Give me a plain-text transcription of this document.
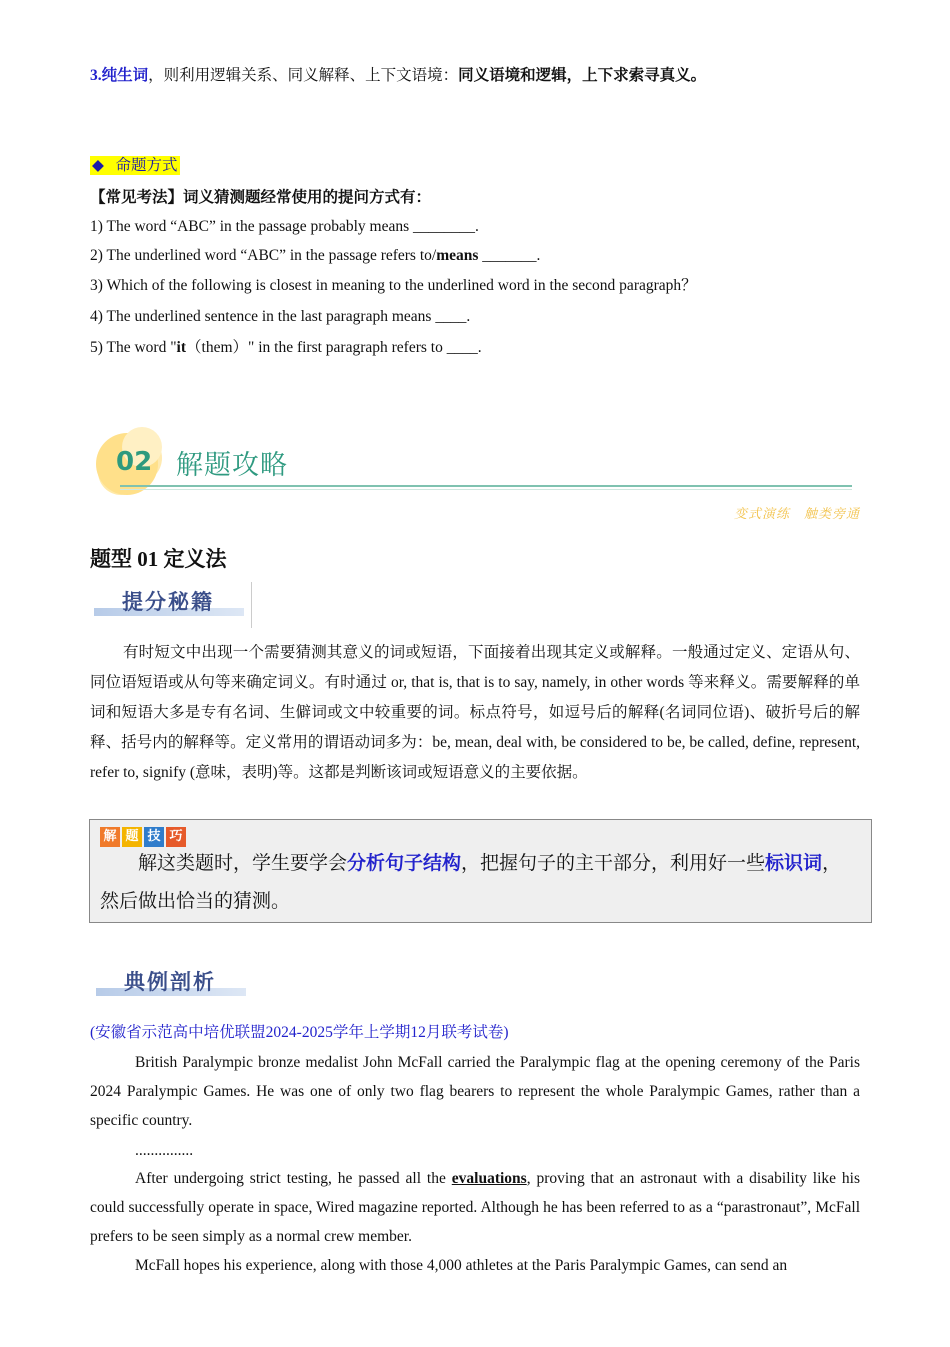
3.纯生词，则利用逻辑关系、同义解释、上下文语境：同义语境和逻辑，上下求索寻真义。
◆ 命题方式
【常见考法】词义猜测题经常使用的提问方式有：
1) The word “ABC” in the passage probably means ________.
2) The underlined word “ABC” in the passage refers to/means _______.
3) Which of the following is closest in meaning to the underlined word in the second paragraph？
4) The underlined sentence in the last paragraph means ____.
5) The word "it（them）" in the first paragraph refers to ____.
02 解题攻略
变式演练　触类旁通
题型 01 定义法
提分秘籍
有时短文中出现一个需要猜测其意义的词或短语，下面接着出现其定义或解释。一般通过定义、定语从句、同位语短语或从句等来确定词义。有时通过 or, that is, that is to say, namely, in other words 等来释义。需要解释的单词和短语大多是专有名词、生僻词或文中较重要的词。标点符号，如逗号后的解释(名词同位语)、破折号后的解释、括号内的解释等。定义常用的谓语动词多为：be, mean, deal with, be considered to be, be called, define, represent, refer to, signify (意味，表明)等。这都是判断该词或短语意义的主要依据。
解 题 技 巧
解这类题时，学生要学会分析句子结构，把握句子的主干部分，利用好一些标识词，
然后做出恰当的猜测。
典例剖析
(安徽省示范高中培优联盟2024-2025学年上学期12月联考试卷)
British Paralympic bronze medalist John McFall carried the Paralympic flag at the opening ceremony of the Paris 2024 Paralympic Games. He was one of only two flag bearers to represent the whole Paralympic Games, rather than a specific country.
...............
After undergoing strict testing, he passed all the evaluations, proving that an astronaut with a disability like his could successfully operate in space, Wired magazine reported. Although he has been referred to as a “parastronaut”, McFall prefers to be seen simply as a normal crew member.
McFall hopes his experience, along with those 4,000 athletes at the Paris Paralympic Games, can send an
